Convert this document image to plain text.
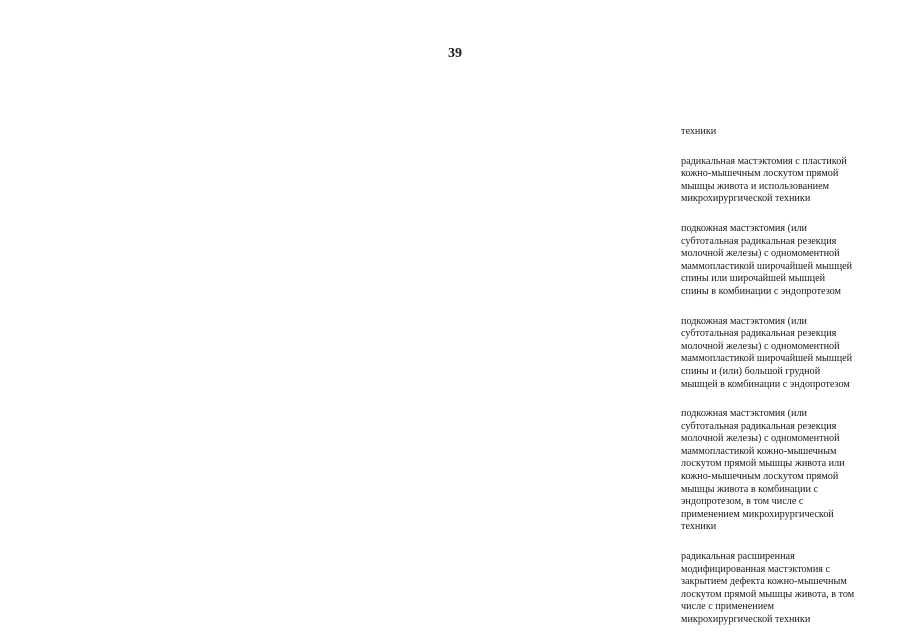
39

техники

радикальная мастэктомия с пластикой
кожно-мышечным лоскутом прямой
мышцы живота и использованием
микрохирургической техники

подкожная мастэктомия (или
субтотальная радикальная резекция
молочной железы) с одномоментной
маммопластикой широчайшей мышцей
спины или широчайшей мышцей
спины в комбинации с эндопротезом

подкожная мастэктомия (или
субтотальная радикальная резекция
молочной железы) с одномоментной
маммопластикой широчайшей мышцей
спины и (или) большой грудной
мышцей в комбинации с эндопротезом

подкожная мастэктомия (или
субтотальная радикальная резекция
молочной железы) с одномоментной
маммопластикой кожно-мышечным
лоскутом прямой мышцы живота или
кожно-мышечным лоскутом прямой
мышцы живота в комбинации с
эндопротезом, в том числе с
применением микрохирургической
техники

радикальная расширенная
модифицированная мастэктомия с
закрытием дефекта кожно-мышечным
лоскутом прямой мышцы живота, в том
числе с применением
микрохирургической техники
